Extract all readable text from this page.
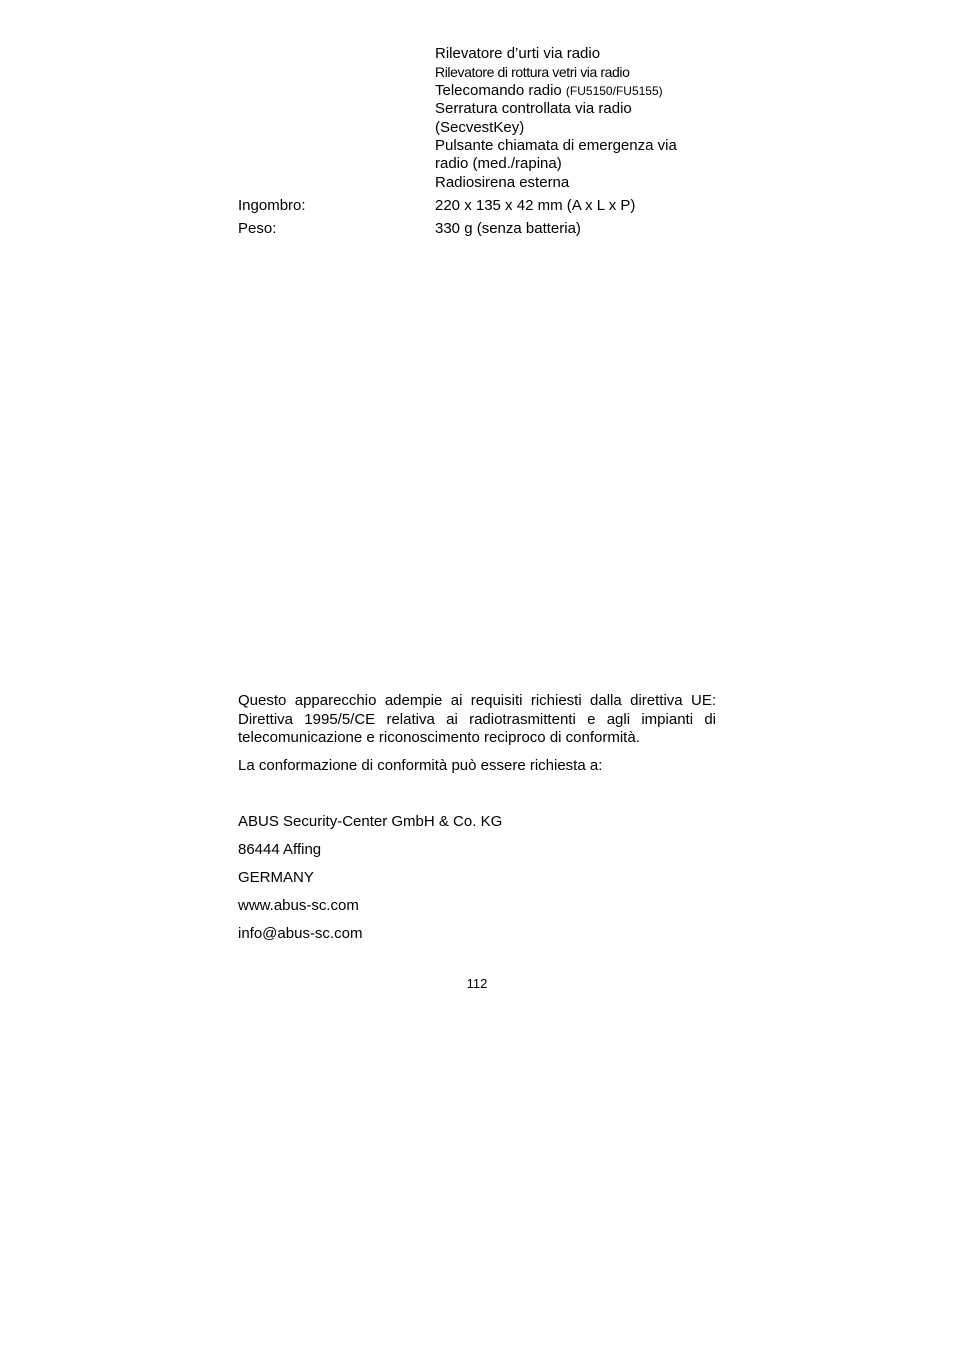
Rilevatore d’urti via radio
Rilevatore di rottura vetri via radio
Telecomando radio (FU5150/FU5155)
Serratura controllata via radio
(SecvestKey)
Pulsante chiamata di emergenza via
radio (med./rapina)
Radiosirena esterna
Ingombro:	220 x 135 x 42 mm (A x L x P)
Peso:	330 g (senza batteria)

Questo apparecchio adempie ai requisiti richiesti dalla direttiva UE: Direttiva 1995/5/CE relativa ai radiotrasmittenti e agli impianti di telecomunicazione e riconoscimento reciproco di conformità.

La conformazione di conformità può essere richiesta a:

ABUS Security-Center GmbH & Co. KG
86444 Affing
GERMANY
www.abus-sc.com
info@abus-sc.com
112
